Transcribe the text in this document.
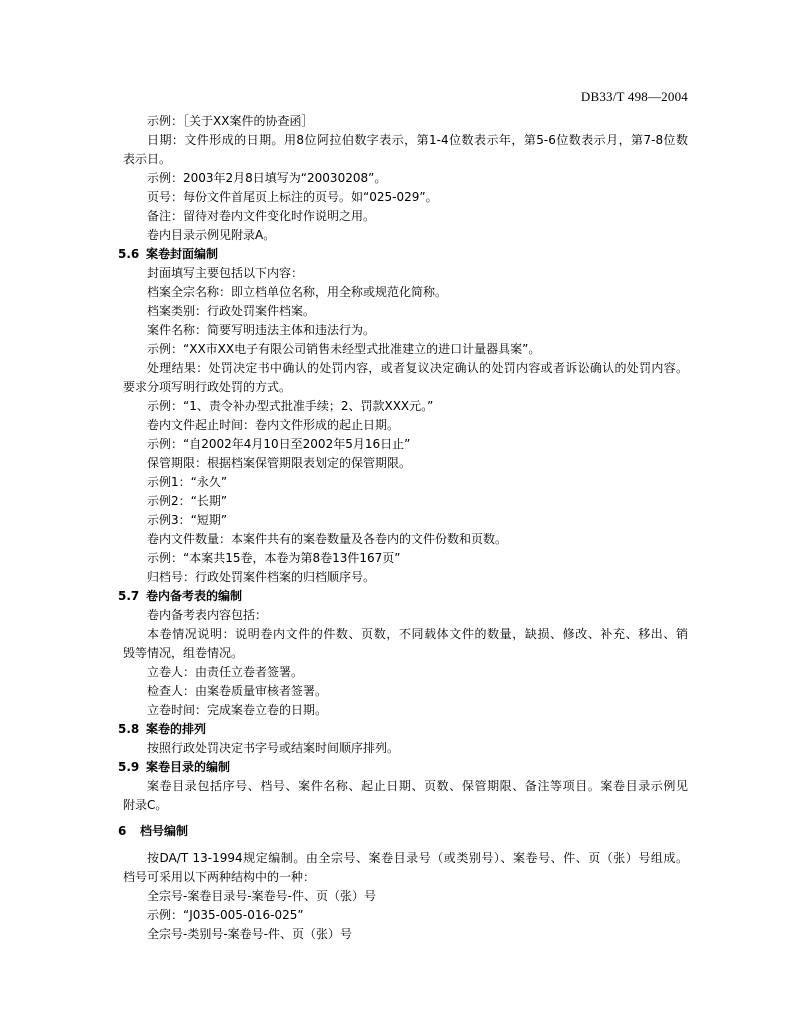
DB33/T 498—2004
示例：［关于XX案件的协查函］
日期：文件形成的日期。用8位阿拉伯数字表示，第1-4位数表示年，第5-6位数表示月，第7-8位数
表示日。
示例：2003年2月8日填写为“20030208”。
页号：每份文件首尾页上标注的页号。如“025-029”。
备注：留待对卷内文件变化时作说明之用。
卷内目录示例见附录A。
5.6 案卷封面编制
封面填写主要包括以下内容：
档案全宗名称：即立档单位名称，用全称或规范化简称。
档案类别：行政处罚案件档案。
案件名称：简要写明违法主体和违法行为。
示例：“XX市XX电子有限公司销售未经型式批准建立的进口计量器具案”。
处理结果：处罚决定书中确认的处罚内容，或者复议决定确认的处罚内容或者诉讼确认的处罚内容。
要求分项写明行政处罚的方式。
示例：“1、责令补办型式批准手续；2、罚款XXX元。”
卷内文件起止时间：卷内文件形成的起止日期。
示例：“自2002年4月10日至2002年5月16日止”
保管期限：根据档案保管期限表划定的保管期限。
示例1：“永久”
示例2：“长期”
示例3：“短期”
卷内文件数量：本案件共有的案卷数量及各卷内的文件份数和页数。
示例：“本案共15卷，本卷为第8卷13件167页”
归档号：行政处罚案件档案的归档顺序号。
5.7 卷内备考表的编制
卷内备考表内容包括：
本卷情况说明：说明卷内文件的件数、页数，不同载体文件的数量，缺损、修改、补充、移出、销
毁等情况，组卷情况。
立卷人：由责任立卷者签署。
检查人：由案卷质量审核者签署。
立卷时间：完成案卷立卷的日期。
5.8 案卷的排列
按照行政处罚决定书字号或结案时间顺序排列。
5.9 案卷目录的编制
案卷目录包括序号、档号、案件名称、起止日期、页数、保管期限、备注等项目。案卷目录示例见
附录C。
6 档号编制
按DA/T 13-1994规定编制。由全宗号、案卷目录号（或类别号）、案卷号、件、页（张）号组成。
档号可采用以下两种结构中的一种：
全宗号-案卷目录号-案卷号-件、页（张）号
示例：“J035-005-016-025”
全宗号-类别号-案卷号-件、页（张）号
